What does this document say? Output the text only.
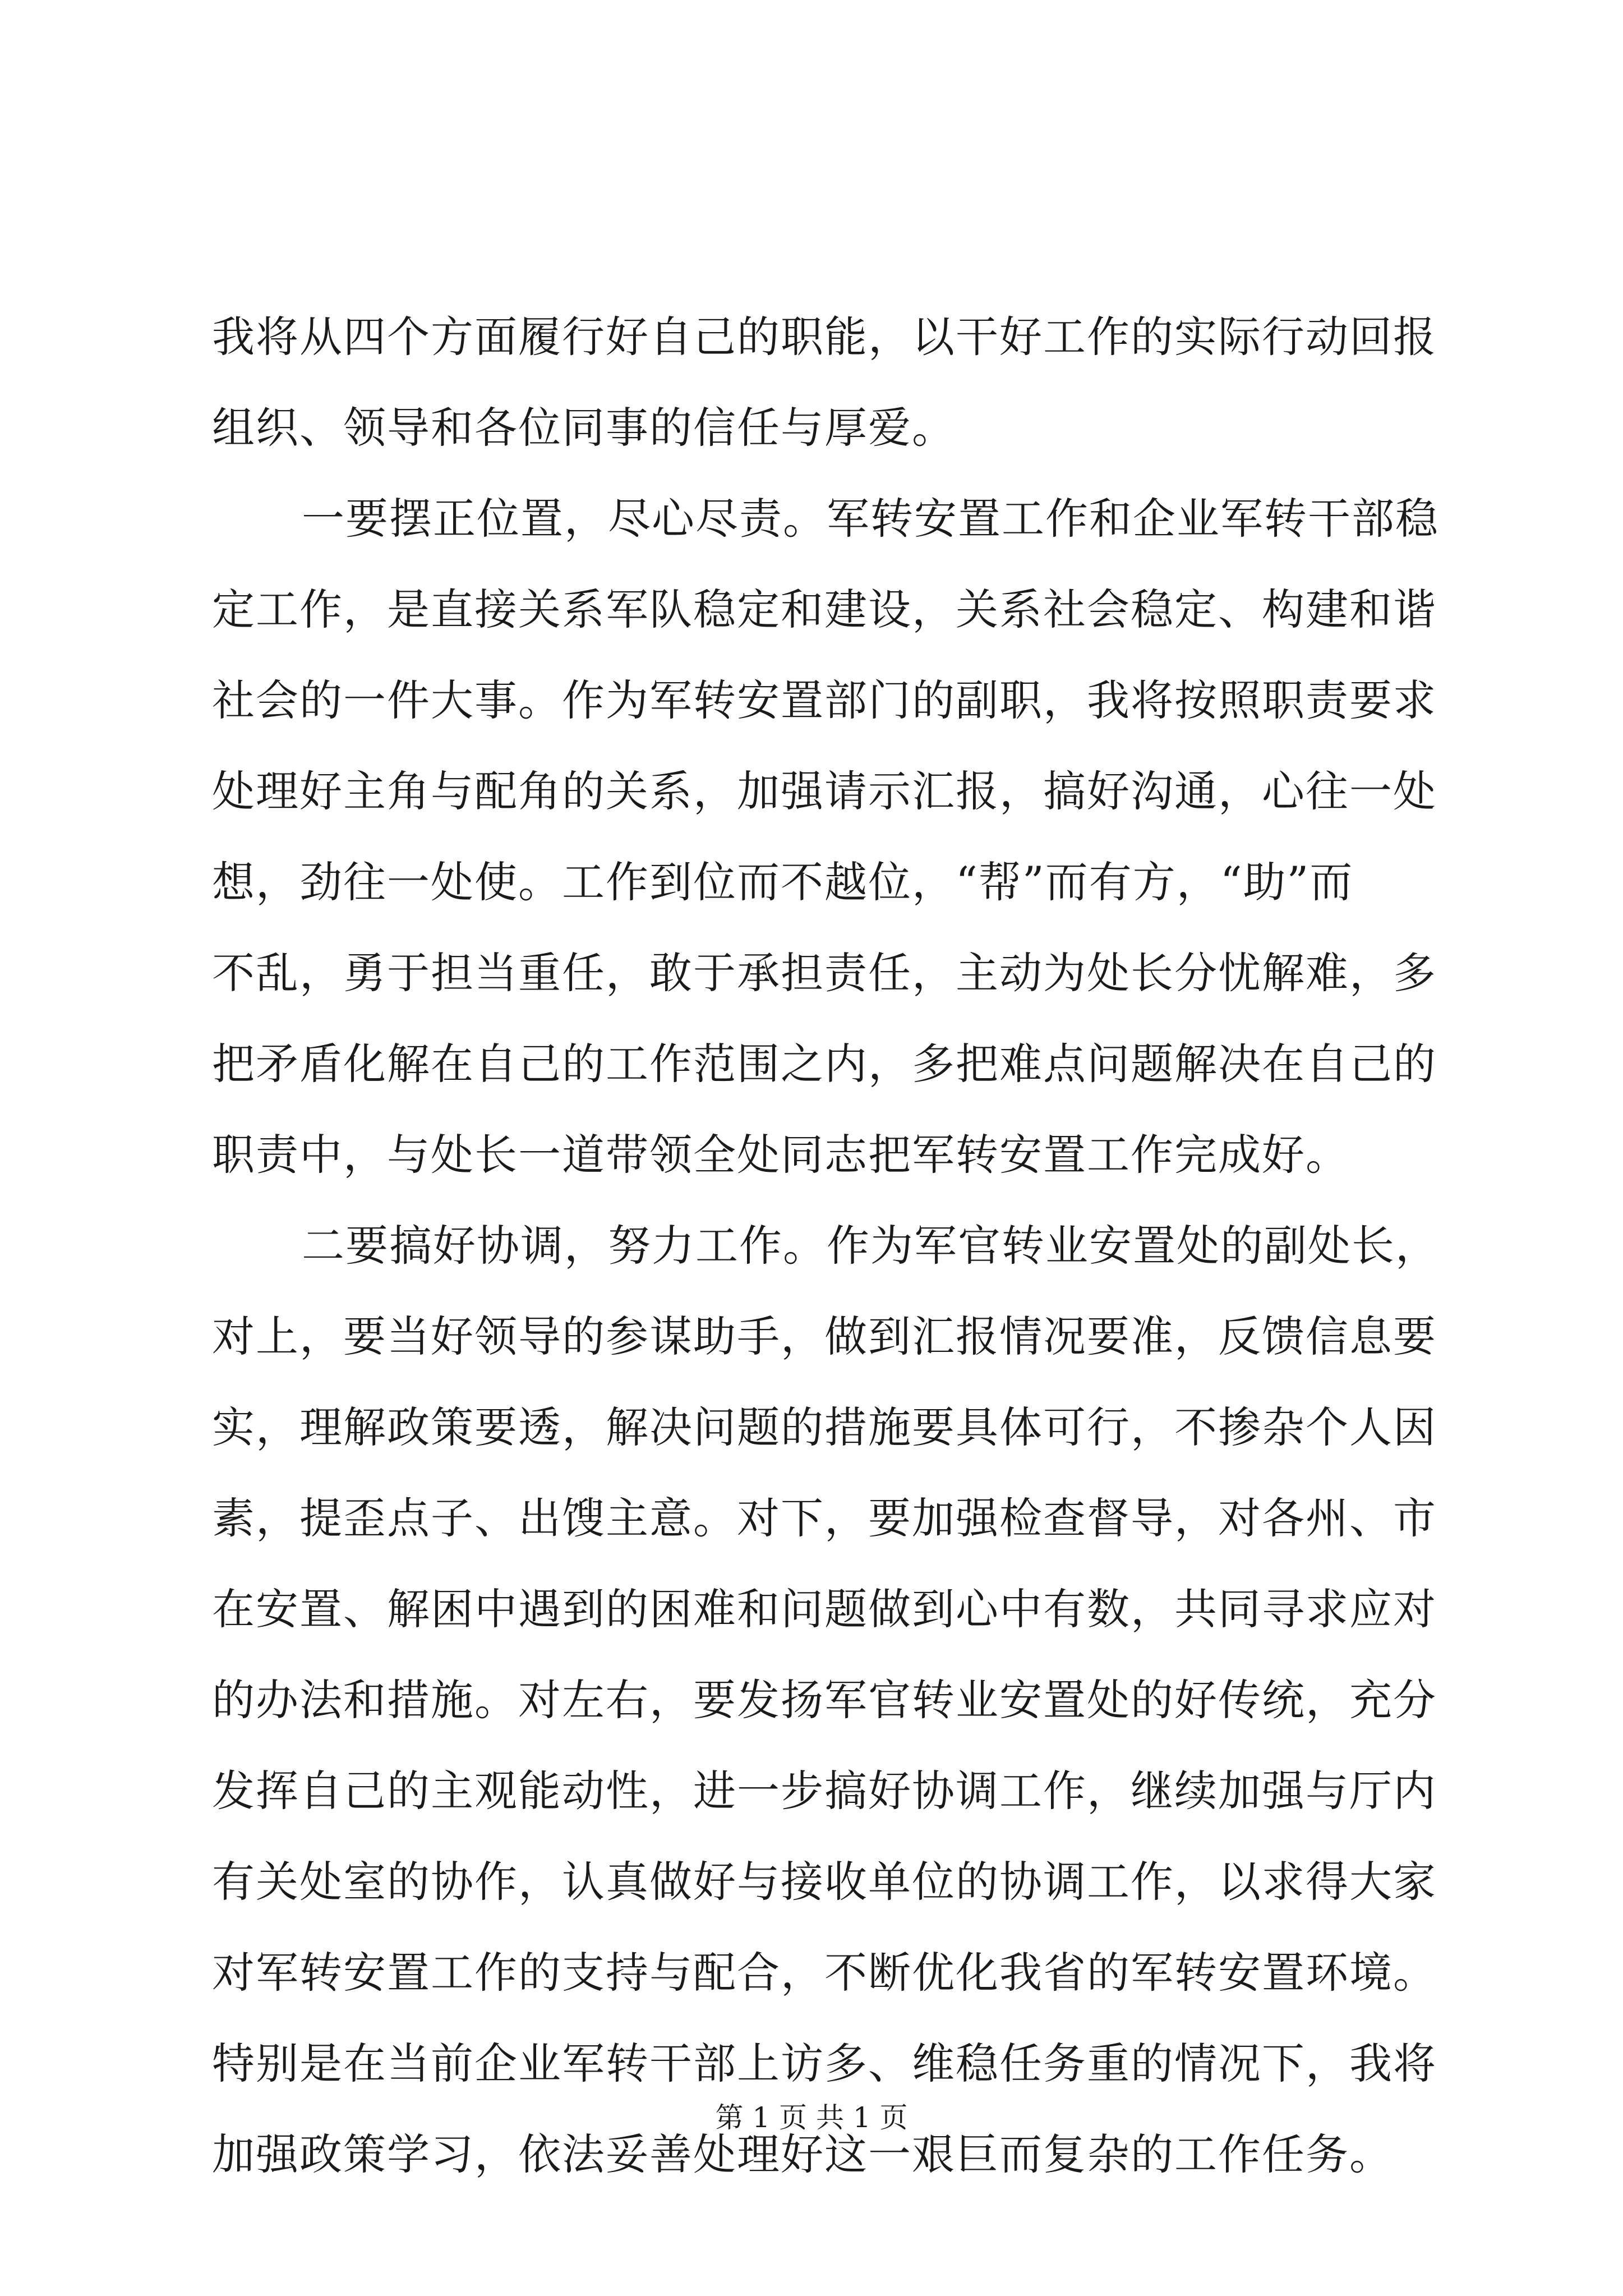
我将从四个方面履行好自己的职能，以干好工作的实际行动回报
组织、领导和各位同事的信任与厚爱。
一要摆正位置，尽心尽责。军转安置工作和企业军转干部稳
定工作，是直接关系军队稳定和建设，关系社会稳定、构建和谐
社会的一件大事。作为军转安置部门的副职，我将按照职责要求
处理好主角与配角的关系，加强请示汇报，搞好沟通，心往一处
想，劲往一处使。工作到位而不越位，“帮”而有方，“助”而
不乱，勇于担当重任，敢于承担责任，主动为处长分忧解难，多
把矛盾化解在自己的工作范围之内，多把难点问题解决在自己的
职责中，与处长一道带领全处同志把军转安置工作完成好。
二要搞好协调，努力工作。作为军官转业安置处的副处长，
对上，要当好领导的参谋助手，做到汇报情况要准，反馈信息要
实，理解政策要透，解决问题的措施要具体可行，不掺杂个人因
素，提歪点子、出馊主意。对下，要加强检查督导，对各州、市
在安置、解困中遇到的困难和问题做到心中有数，共同寻求应对
的办法和措施。对左右，要发扬军官转业安置处的好传统，充分
发挥自己的主观能动性，进一步搞好协调工作，继续加强与厅内
有关处室的协作，认真做好与接收单位的协调工作，以求得大家
对军转安置工作的支持与配合，不断优化我省的军转安置环境。
特别是在当前企业军转干部上访多、维稳任务重的情况下，我将
加强政策学习，依法妥善处理好这一艰巨而复杂的工作任务。
第 1 页 共 1 页
